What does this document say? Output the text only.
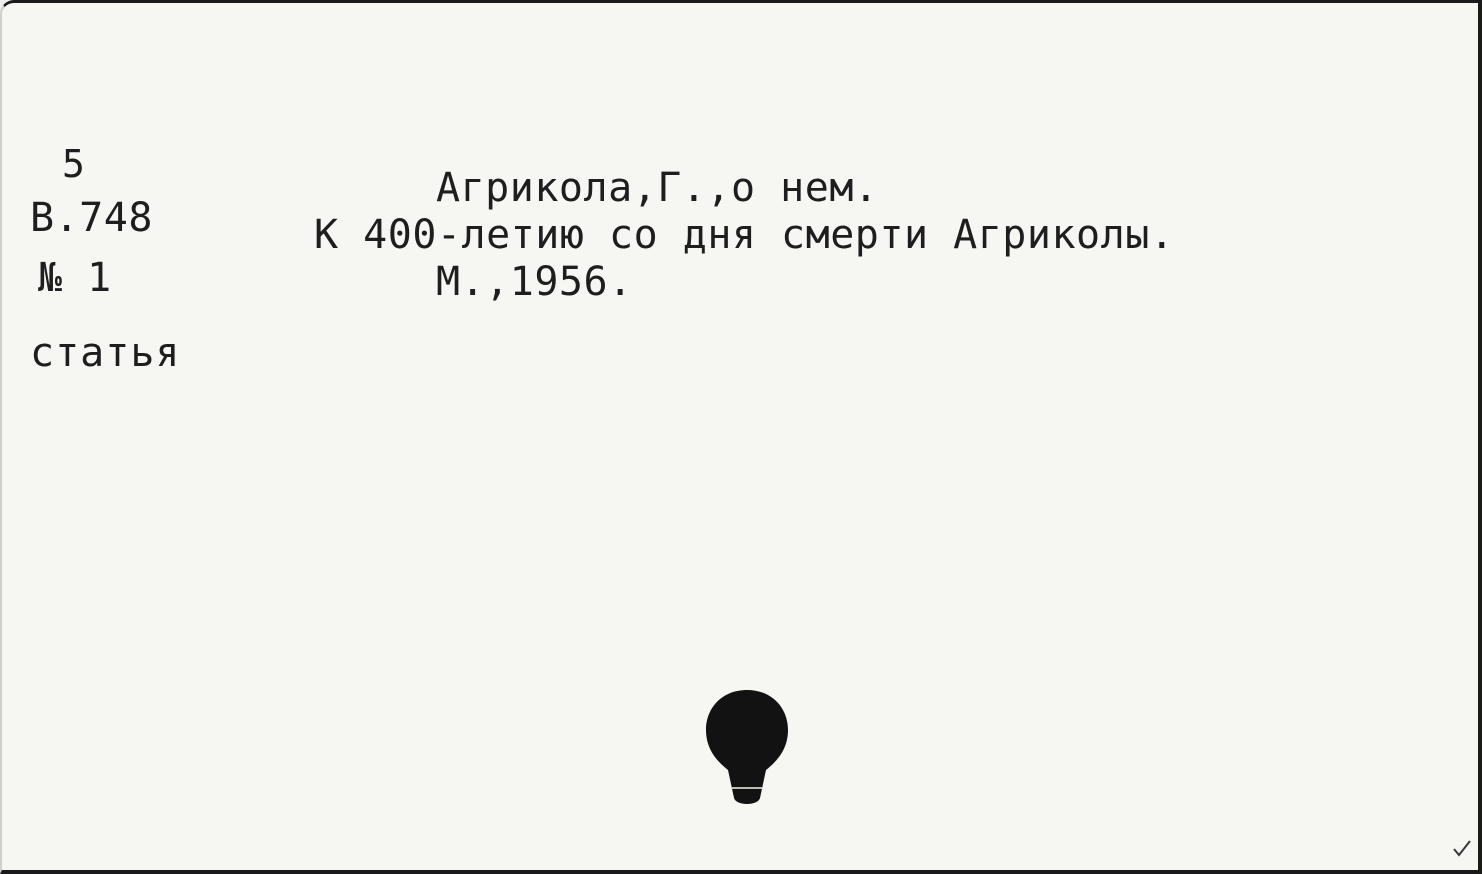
5
В.748
№ 1
статья
Агрикола,Г.,о нем.
К 400-летию со дня смерти Агриколы.
М.,1956.
